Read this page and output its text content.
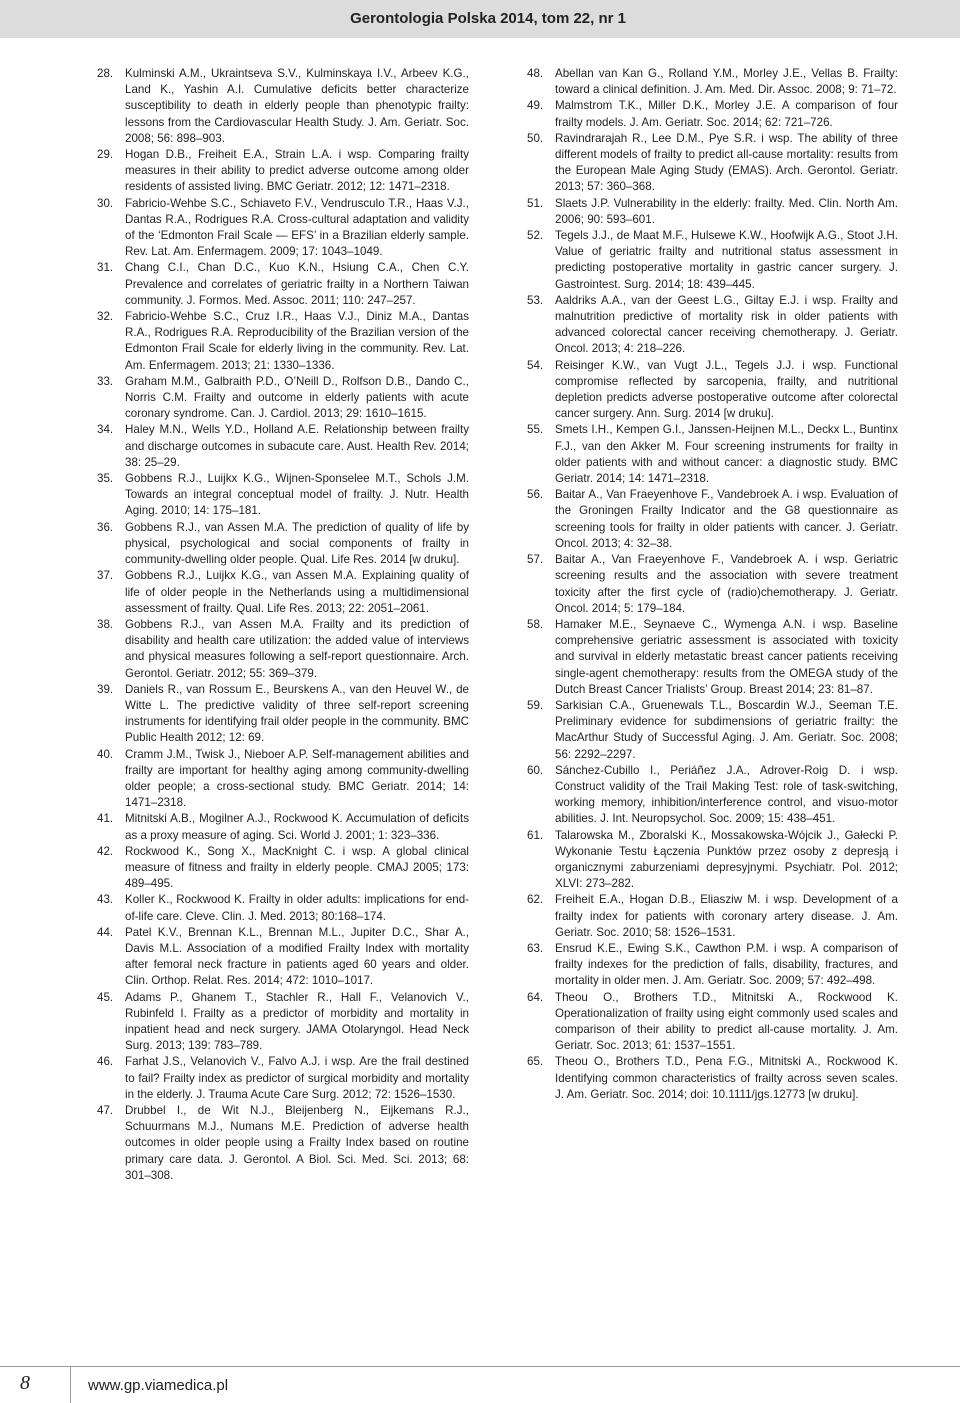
Gerontologia Polska 2014, tom 22, nr 1
28.	Kulminski A.M., Ukraintseva S.V., Kulminskaya I.V., Arbeev K.G., Land K., Yashin A.I. Cumulative deficits better characterize susceptibility to death in elderly people than phenotypic frailty: lessons from the Cardiovascular Health Study. J. Am. Geriatr. Soc. 2008; 56: 898–903.
29.	Hogan D.B., Freiheit E.A., Strain L.A. i wsp. Comparing frailty measures in their ability to predict adverse outcome among older residents of assisted living. BMC Geriatr. 2012; 12: 1471–2318.
30.	Fabricio-Wehbe S.C., Schiaveto F.V., Vendrusculo T.R., Haas V.J., Dantas R.A., Rodrigues R.A. Cross-cultural adaptation and validity of the ‘Edmonton Frail Scale — EFS’ in a Brazilian elderly sample. Rev. Lat. Am. Enfermagem. 2009; 17: 1043–1049.
31.	Chang C.I., Chan D.C., Kuo K.N., Hsiung C.A., Chen C.Y. Prevalence and correlates of geriatric frailty in a Northern Taiwan community. J. Formos. Med. Assoc. 2011; 110: 247–257.
32.	Fabricio-Wehbe S.C., Cruz I.R., Haas V.J., Diniz M.A., Dantas R.A., Rodrigues R.A. Reproducibility of the Brazilian version of the Edmonton Frail Scale for elderly living in the community. Rev. Lat. Am. Enfermagem. 2013; 21: 1330–1336.
33.	Graham M.M., Galbraith P.D., O’Neill D., Rolfson D.B., Dando C., Norris C.M. Frailty and outcome in elderly patients with acute coronary syndrome. Can. J. Cardiol. 2013; 29: 1610–1615.
34.	Haley M.N., Wells Y.D., Holland A.E. Relationship between frailty and discharge outcomes in subacute care. Aust. Health Rev. 2014; 38: 25–29.
35.	Gobbens R.J., Luijkx K.G., Wijnen-Sponselee M.T., Schols J.M. Towards an integral conceptual model of frailty. J. Nutr. Health Aging. 2010; 14: 175–181.
36.	Gobbens R.J., van Assen M.A. The prediction of quality of life by physical, psychological and social components of frailty in community-dwelling older people. Qual. Life Res. 2014 [w druku].
37.	Gobbens R.J., Luijkx K.G., van Assen M.A. Explaining quality of life of older people in the Netherlands using a multidimensional assessment of frailty. Qual. Life Res. 2013; 22: 2051–2061.
38.	Gobbens R.J., van Assen M.A. Frailty and its prediction of disability and health care utilization: the added value of interviews and physical measures following a self-report questionnaire. Arch. Gerontol. Geriatr. 2012; 55: 369–379.
39.	Daniels R., van Rossum E., Beurskens A., van den Heuvel W., de Witte L. The predictive validity of three self-report screening instruments for identifying frail older people in the community. BMC Public Health 2012; 12: 69.
40.	Cramm J.M., Twisk J., Nieboer A.P. Self-management abilities and frailty are important for healthy aging among community-dwelling older people; a cross-sectional study. BMC Geriatr. 2014; 14: 1471–2318.
41.	Mitnitski A.B., Mogilner A.J., Rockwood K. Accumulation of deficits as a proxy measure of aging. Sci. World J. 2001; 1: 323–336.
42.	Rockwood K., Song X., MacKnight C. i wsp. A global clinical measure of fitness and frailty in elderly people. CMAJ 2005; 173: 489–495.
43.	Koller K., Rockwood K. Frailty in older adults: implications for end-of-life care. Cleve. Clin. J. Med. 2013; 80:168–174.
44.	Patel K.V., Brennan K.L., Brennan M.L., Jupiter D.C., Shar A., Davis M.L. Association of a modified Frailty Index with mortality after femoral neck fracture in patients aged 60 years and older. Clin. Orthop. Relat. Res. 2014; 472: 1010–1017.
45.	Adams P., Ghanem T., Stachler R., Hall F., Velanovich V., Rubinfeld I. Frailty as a predictor of morbidity and mortality in inpatient head and neck surgery. JAMA Otolaryngol. Head Neck Surg. 2013; 139: 783–789.
46.	Farhat J.S., Velanovich V., Falvo A.J. i wsp. Are the frail destined to fail? Frailty index as predictor of surgical morbidity and mortality in the elderly. J. Trauma Acute Care Surg. 2012; 72: 1526–1530.
47.	Drubbel I., de Wit N.J., Bleijenberg N., Eijkemans R.J., Schuurmans M.J., Numans M.E. Prediction of adverse health outcomes in older people using a Frailty Index based on routine primary care data. J. Gerontol. A Biol. Sci. Med. Sci. 2013; 68: 301–308.
48.	Abellan van Kan G., Rolland Y.M., Morley J.E., Vellas B. Frailty: toward a clinical definition. J. Am. Med. Dir. Assoc. 2008; 9: 71–72.
49.	Malmstrom T.K., Miller D.K., Morley J.E. A comparison of four frailty models. J. Am. Geriatr. Soc. 2014; 62: 721–726.
50.	Ravindrarajah R., Lee D.M., Pye S.R. i wsp. The ability of three different models of frailty to predict all-cause mortality: results from the European Male Aging Study (EMAS). Arch. Gerontol. Geriatr. 2013; 57: 360–368.
51.	Slaets J.P. Vulnerability in the elderly: frailty. Med. Clin. North Am. 2006; 90: 593–601.
52.	Tegels J.J., de Maat M.F., Hulsewe K.W., Hoofwijk A.G., Stoot J.H. Value of geriatric frailty and nutritional status assessment in predicting postoperative mortality in gastric cancer surgery. J. Gastrointest. Surg. 2014; 18: 439–445.
53.	Aaldriks A.A., van der Geest L.G., Giltay E.J. i wsp. Frailty and malnutrition predictive of mortality risk in older patients with advanced colorectal cancer receiving chemotherapy. J. Geriatr. Oncol. 2013; 4: 218–226.
54.	Reisinger K.W., van Vugt J.L., Tegels J.J. i wsp. Functional compromise reflected by sarcopenia, frailty, and nutritional depletion predicts adverse postoperative outcome after colorectal cancer surgery. Ann. Surg. 2014 [w druku].
55.	Smets I.H., Kempen G.I., Janssen-Heijnen M.L., Deckx L., Buntinx F.J., van den Akker M. Four screening instruments for frailty in older patients with and without cancer: a diagnostic study. BMC Geriatr. 2014; 14: 1471–2318.
56.	Baitar A., Van Fraeyenhove F., Vandebroek A. i wsp. Evaluation of the Groningen Frailty Indicator and the G8 questionnaire as screening tools for frailty in older patients with cancer. J. Geriatr. Oncol. 2013; 4: 32–38.
57.	Baitar A., Van Fraeyenhove F., Vandebroek A. i wsp. Geriatric screening results and the association with severe treatment toxicity after the first cycle of (radio)chemotherapy. J. Geriatr. Oncol. 2014; 5: 179–184.
58.	Hamaker M.E., Seynaeve C., Wymenga A.N. i wsp. Baseline comprehensive geriatric assessment is associated with toxicity and survival in elderly metastatic breast cancer patients receiving single-agent chemotherapy: results from the OMEGA study of the Dutch Breast Cancer Trialists’ Group. Breast 2014; 23: 81–87.
59.	Sarkisian C.A., Gruenewals T.L., Boscardin W.J., Seeman T.E. Preliminary evidence for subdimensions of geriatric frailty: the MacArthur Study of Successful Aging. J. Am. Geriatr. Soc. 2008; 56: 2292–2297.
60.	Sánchez-Cubillo I., Periáñez J.A., Adrover-Roig D. i wsp. Construct validity of the Trail Making Test: role of task-switching, working memory, inhibition/interference control, and visuo-motor abilities. J. Int. Neuropsychol. Soc. 2009; 15: 438–451.
61.	Talarowska M., Zboralski K., Mossakowska-Wójcik J., Gałecki P. Wykonanie Testu Łączenia Punktów przez osoby z depresją i organicznymi zaburzeniami depresyjnymi. Psychiatr. Pol. 2012; XLVI: 273–282.
62.	Freiheit E.A., Hogan D.B., Eliasziw M. i wsp. Development of a frailty index for patients with coronary artery disease. J. Am. Geriatr. Soc. 2010; 58: 1526–1531.
63.	Ensrud K.E., Ewing S.K., Cawthon P.M. i wsp. A comparison of frailty indexes for the prediction of falls, disability, fractures, and mortality in older men. J. Am. Geriatr. Soc. 2009; 57: 492–498.
64.	Theou O., Brothers T.D., Mitnitski A., Rockwood K. Operationalization of frailty using eight commonly used scales and comparison of their ability to predict all-cause mortality. J. Am. Geriatr. Soc. 2013; 61: 1537–1551.
65.	Theou O., Brothers T.D., Pena F.G., Mitnitski A., Rockwood K. Identifying common characteristics of frailty across seven scales. J. Am. Geriatr. Soc. 2014; doi: 10.1111/jgs.12773 [w druku].
8	www.gp.viamedica.pl
